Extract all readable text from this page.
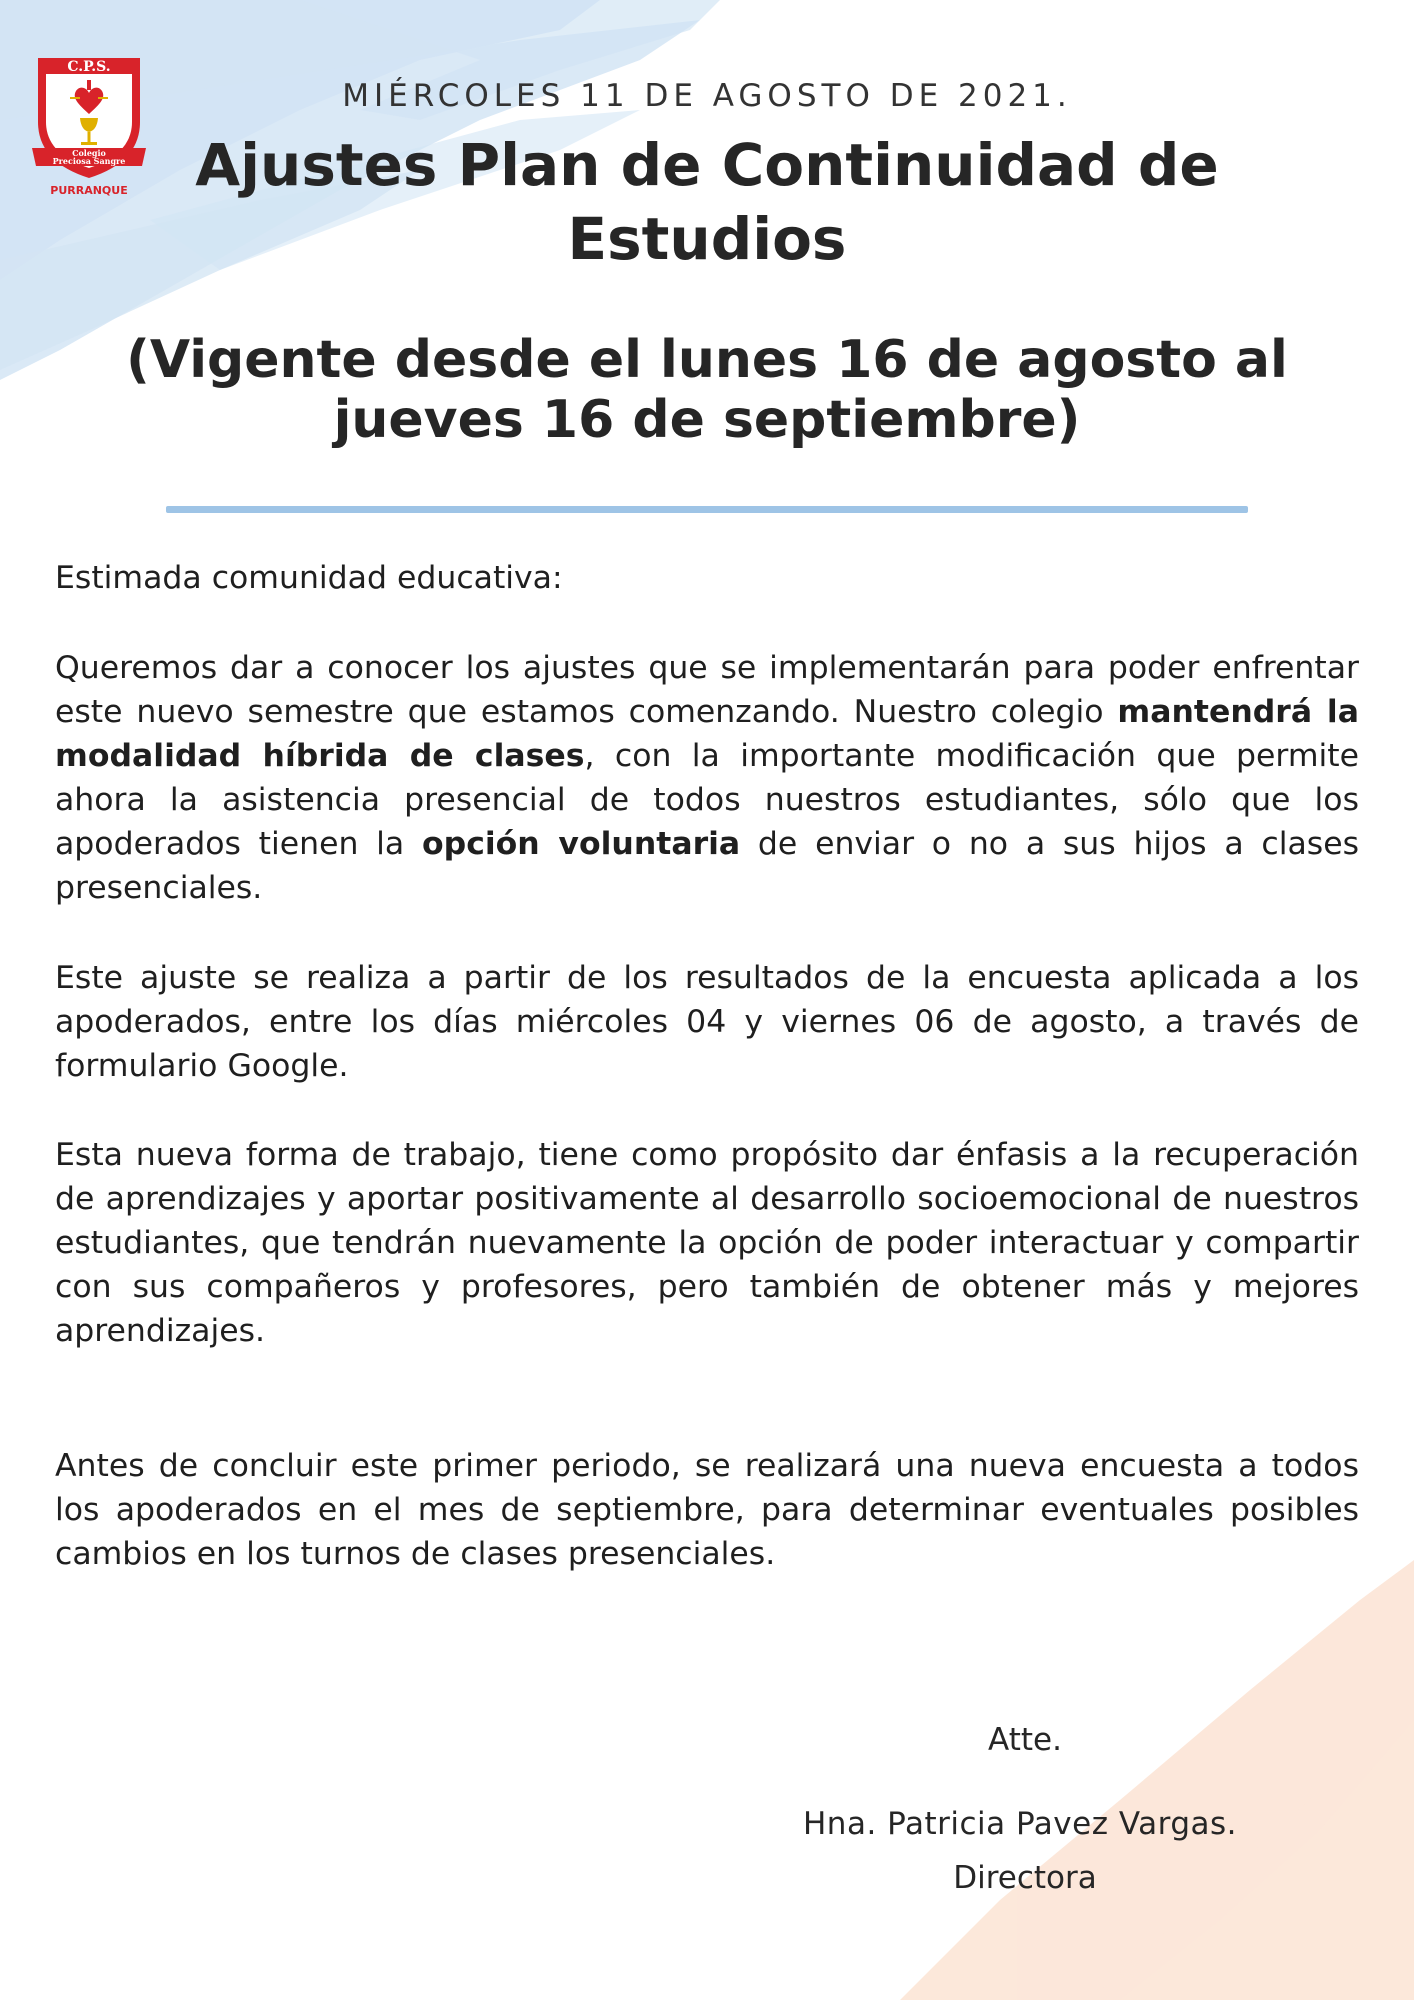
C.P.S.
Colegio
Preciosa Sangre
PURRANQUE
MIÉRCOLES 11 DE AGOSTO DE 2021.
Ajustes Plan de Continuidad de
Estudios
(Vigente desde el lunes 16 de agosto al
jueves 16 de septiembre)
Estimada comunidad educativa:
Queremos dar a conocer los ajustes que se implementarán para poder enfrentar este nuevo semestre que estamos comenzando. Nuestro colegio mantendrá la modalidad híbrida de clases, con la importante modificación que permite ahora la asistencia presencial de todos nuestros estudiantes, sólo que los apoderados tienen la opción voluntaria de enviar o no a sus hijos a clases presenciales.
Este ajuste se realiza a partir de los resultados de la encuesta aplicada a los apoderados, entre los días miércoles 04 y viernes 06 de agosto, a través de formulario Google.
Esta nueva forma de trabajo, tiene como propósito dar énfasis a la recuperación de aprendizajes y aportar positivamente al desarrollo socioemocional de nuestros estudiantes, que tendrán nuevamente la opción de poder interactuar y compartir con sus compañeros y profesores, pero también de obtener más y mejores aprendizajes.
Antes de concluir este primer periodo, se realizará una nueva encuesta a todos los apoderados en el mes de septiembre, para determinar eventuales posibles cambios en los turnos de clases presenciales.
Atte.
Hna. Patricia Pavez Vargas.
Directora
